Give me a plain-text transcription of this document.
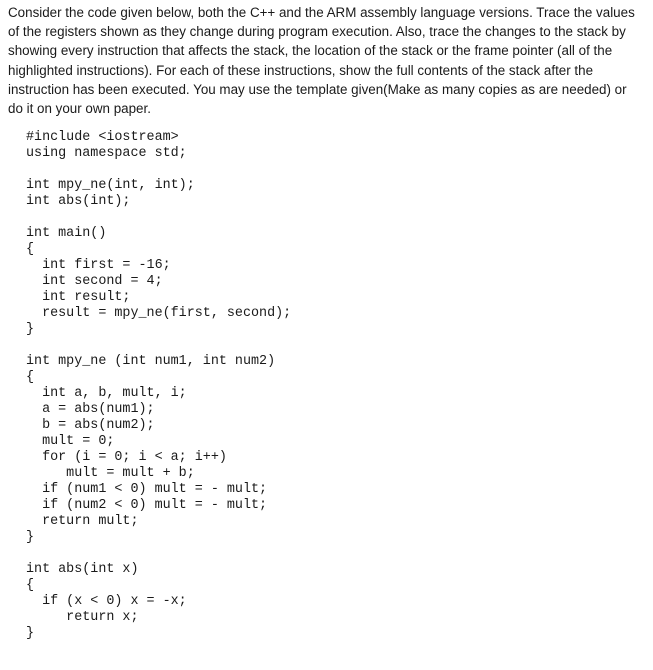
Consider the code given below, both the C++ and the ARM assembly language versions. Trace the values
of the registers shown as they change during program execution. Also, trace the changes to the stack by
showing every instruction that affects the stack, the location of the stack or the frame pointer (all of the
highlighted instructions). For each of these instructions, show the full contents of the stack after the
instruction has been executed. You may use the template given(Make as many copies as are needed) or
do it on your own paper.

#include <iostream>
using namespace std;
int mpy_ne(int, int);
int abs(int);
int main()
{
int first = -16;
int second = 4;
int result;
result = mpy_ne(first, second);
}
int mpy_ne (int num1, int num2)
{
int a, b, mult, i;
a = abs(num1);
b = abs(num2);
mult = 0;
for (i = 0; i < a; i++)
mult = mult + b;
if (num1 < 0) mult = - mult;
if (num2 < 0) mult = - mult;
return mult;
}
int abs(int x)
{
if (x < 0) x = -x;
return x;
}
